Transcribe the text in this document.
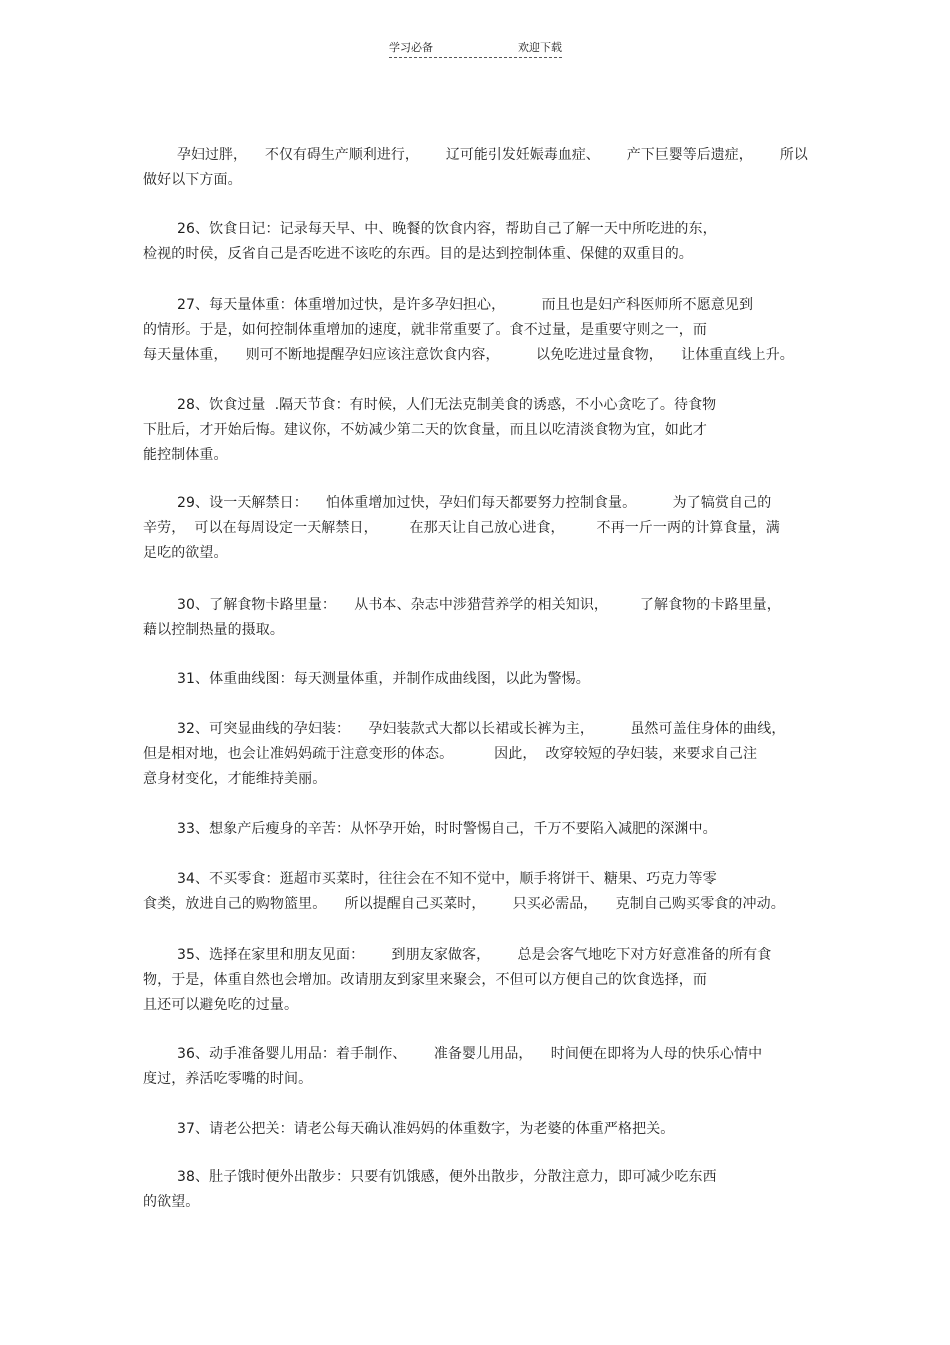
学习必备	欢迎下载
孕妇过胖，    不仅有碍生产顺利进行，      辽可能引发妊娠毒血症、      产下巨婴等后遗症，      所以
做好以下方面。
26、饮食日记：记录每天早、中、晚餐的饮食内容，帮助自己了解一天中所吃进的东，
检视的时侯，反省自己是否吃进不该吃的东西。目的是达到控制体重、保健的双重目的。
27、每天量体重：体重增加过快，是许多孕妇担心，        而且也是妇产科医师所不愿意见到
的情形。于是，如何控制体重增加的速度，就非常重要了。食不过量，是重要守则之一，而
每天量体重，    则可不断地提醒孕妇应该注意饮食内容，        以免吃进过量食物，    让体重直线上升。
28、饮食过量  .隔天节食：有时候，人们无法克制美食的诱惑，不小心贪吃了。待食物
下肚后，才开始后悔。建议你，不妨减少第二天的饮食量，而且以吃清淡食物为宜，如此才
能控制体重。
29、设一天解禁日：    怕体重增加过快，孕妇们每天都要努力控制食量。        为了犒赏自己的
辛劳，  可以在每周设定一天解禁日，       在那天让自己放心进食，       不再一斤一两的计算食量，满
足吃的欲望。
30、了解食物卡路里量：    从书本、杂志中涉猎营养学的相关知识，       了解食物的卡路里量，
藉以控制热量的摄取。
31、体重曲线图：每天测量体重，并制作成曲线图，以此为警惕。
32、可突显曲线的孕妇装：    孕妇装款式大都以长裙或长裤为主，        虽然可盖住身体的曲线，
但是相对地，也会让准妈妈疏于注意变形的体态。         因此，  改穿较短的孕妇装，来要求自己注
意身材变化，才能维持美丽。
33、想象产后瘦身的辛苦：从怀孕开始，时时警惕自己，千万不要陷入减肥的深渊中。
34、不买零食：逛超市买菜时，往往会在不知不觉中，顺手将饼干、糖果、巧克力等零
食类，放进自己的购物篮里。    所以提醒自己买菜时，      只买必需品，    克制自己购买零食的冲动。
35、选择在家里和朋友见面：      到朋友家做客，      总是会客气地吃下对方好意准备的所有食
物，于是，体重自然也会增加。改请朋友到家里来聚会，不但可以方便自己的饮食选择，而
且还可以避免吃的过量。
36、动手准备婴儿用品：着手制作、      准备婴儿用品，    时间便在即将为人母的快乐心情中
度过，养活吃零嘴的时间。
37、请老公把关：请老公每天确认准妈妈的体重数字，为老婆的体重严格把关。
38、肚子饿时便外出散步：只要有饥饿感，便外出散步，分散注意力，即可减少吃东西
的欲望。
